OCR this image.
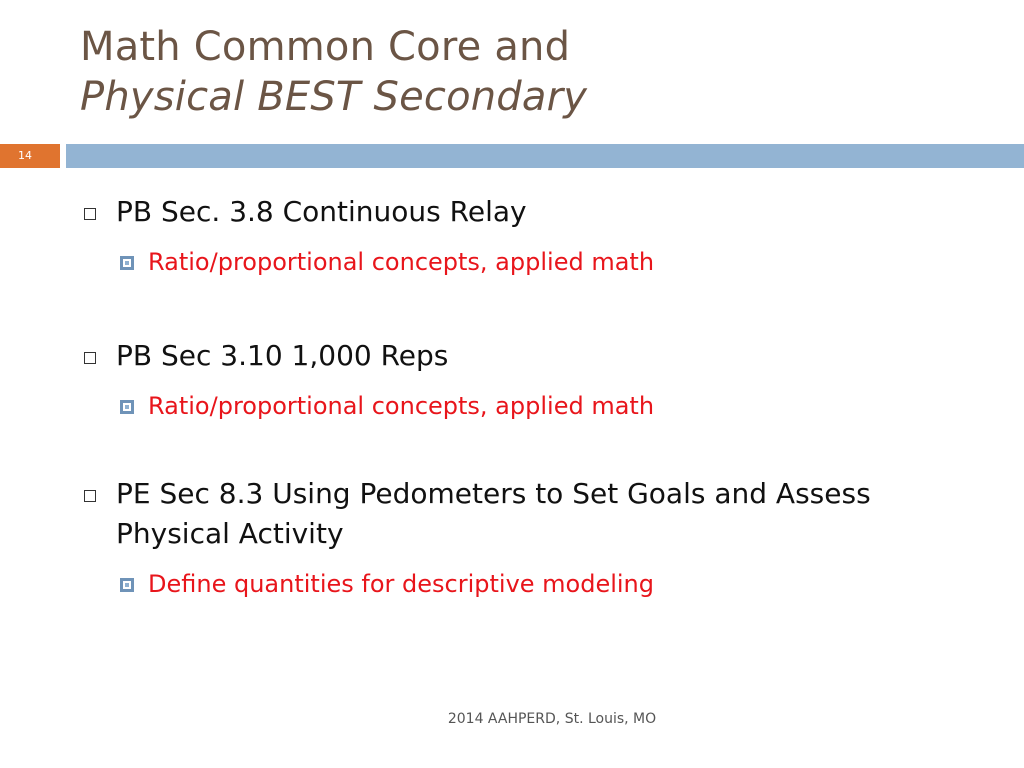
Math Common Core and
Physical BEST Secondary
14
PB Sec. 3.8 Continuous Relay
Ratio/proportional concepts, applied math
PB Sec 3.10 1,000 Reps
Ratio/proportional concepts, applied math
PE Sec 8.3 Using Pedometers to Set Goals and Assess Physical Activity
Define quantities for descriptive modeling
2014 AAHPERD, St. Louis, MO
